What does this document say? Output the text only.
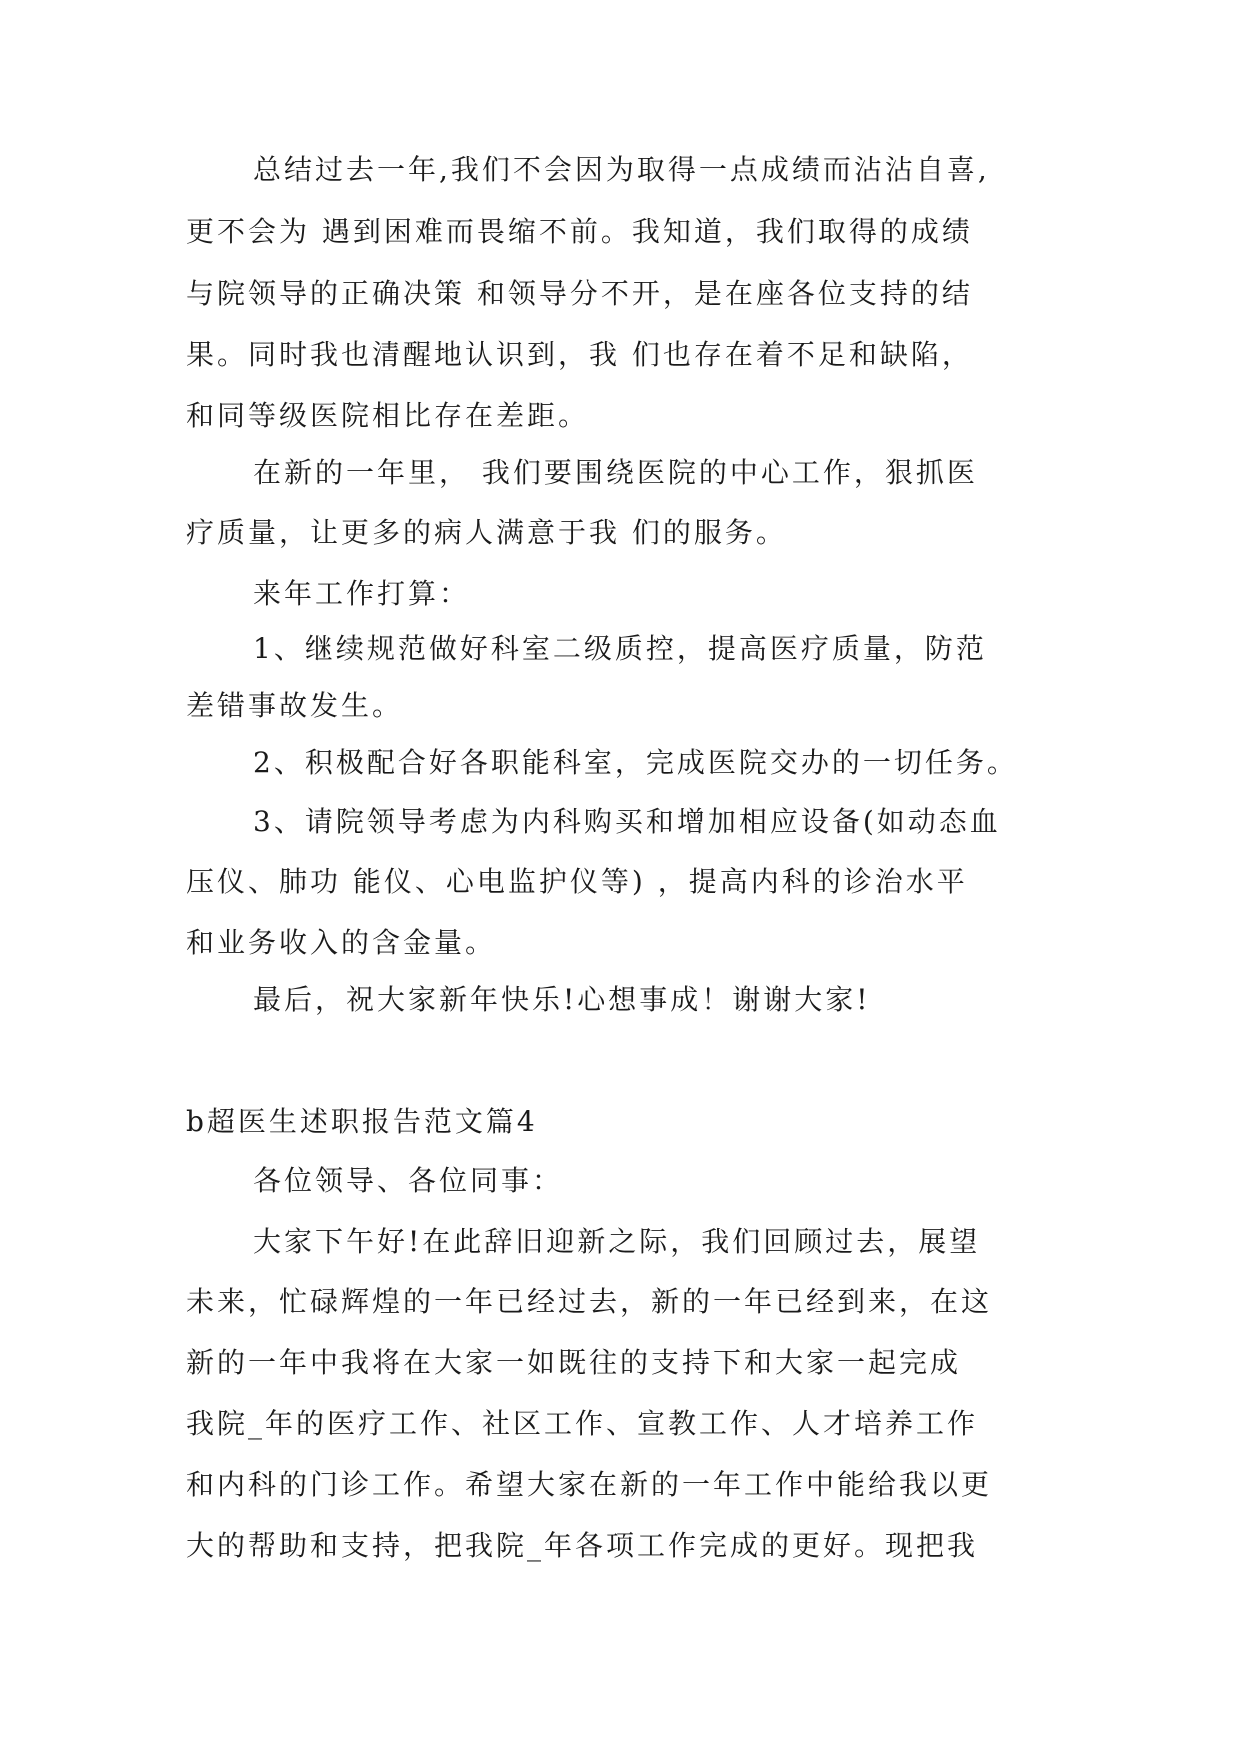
总结过去一年,我们不会因为取得一点成绩而沾沾自喜,
更不会为 遇到困难而畏缩不前。我知道，我们取得的成绩
与院领导的正确决策 和领导分不开，是在座各位支持的结
果。同时我也清醒地认识到，我 们也存在着不足和缺陷，
和同等级医院相比存在差距。
在新的一年里， 我们要围绕医院的中心工作，狠抓医
疗质量，让更多的病人满意于我 们的服务。
来年工作打算：
1、继续规范做好科室二级质控，提高医疗质量，防范
差错事故发生。
2、积极配合好各职能科室，完成医院交办的一切任务。
3、请院领导考虑为内科购买和增加相应设备(如动态血
压仪、肺功 能仪、心电监护仪等) ，提高内科的诊治水平
和业务收入的含金量。
最后，祝大家新年快乐!心想事成！谢谢大家!
b超医生述职报告范文篇4
各位领导、各位同事：
大家下午好!在此辞旧迎新之际，我们回顾过去，展望
未来，忙碌辉煌的一年已经过去，新的一年已经到来，在这
新的一年中我将在大家一如既往的支持下和大家一起完成
我院_年的医疗工作、社区工作、宣教工作、人才培养工作
和内科的门诊工作。希望大家在新的一年工作中能给我以更
大的帮助和支持，把我院_年各项工作完成的更好。现把我
